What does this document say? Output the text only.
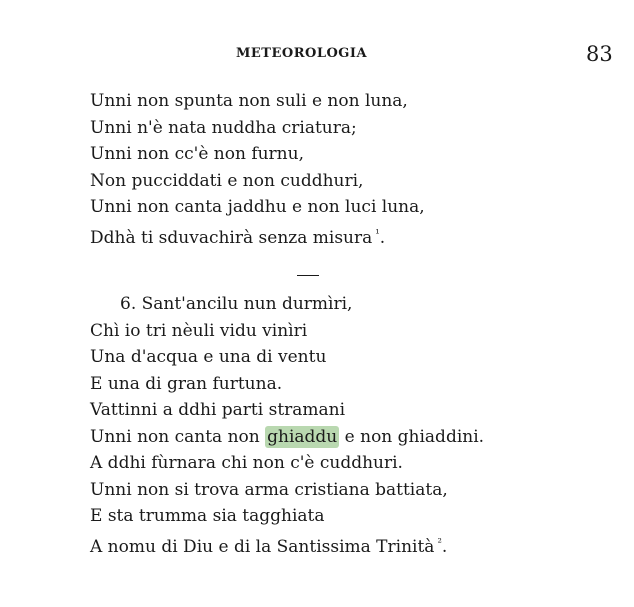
METEOROLOGIA	83
Unni non spunta non suli e non luna,
Unni n'è nata nuddha criatura;
Unni non cc'è non furnu,
Non pucciddati e non cuddhuri,
Unni non canta jaddhu e non luci luna,
Ddhà ti sduvachirà senza misura $^{^1}$.
6. Sant'ancilu nun durmìri,
Chì io tri nèuli vidu vinìri
Una d'acqua e una di ventu
E una di gran furtuna.
Vattinni a ddhi parti stramani
Unni non canta non ghiaddu e non ghiaddini.
A ddhi fùrnara chi non c'è cuddhuri.
Unni non si trova arma cristiana battiata,
E sta trumma sia tagghiata
A nomu di Diu e di la Santissima Trinità $^{^2}$.
